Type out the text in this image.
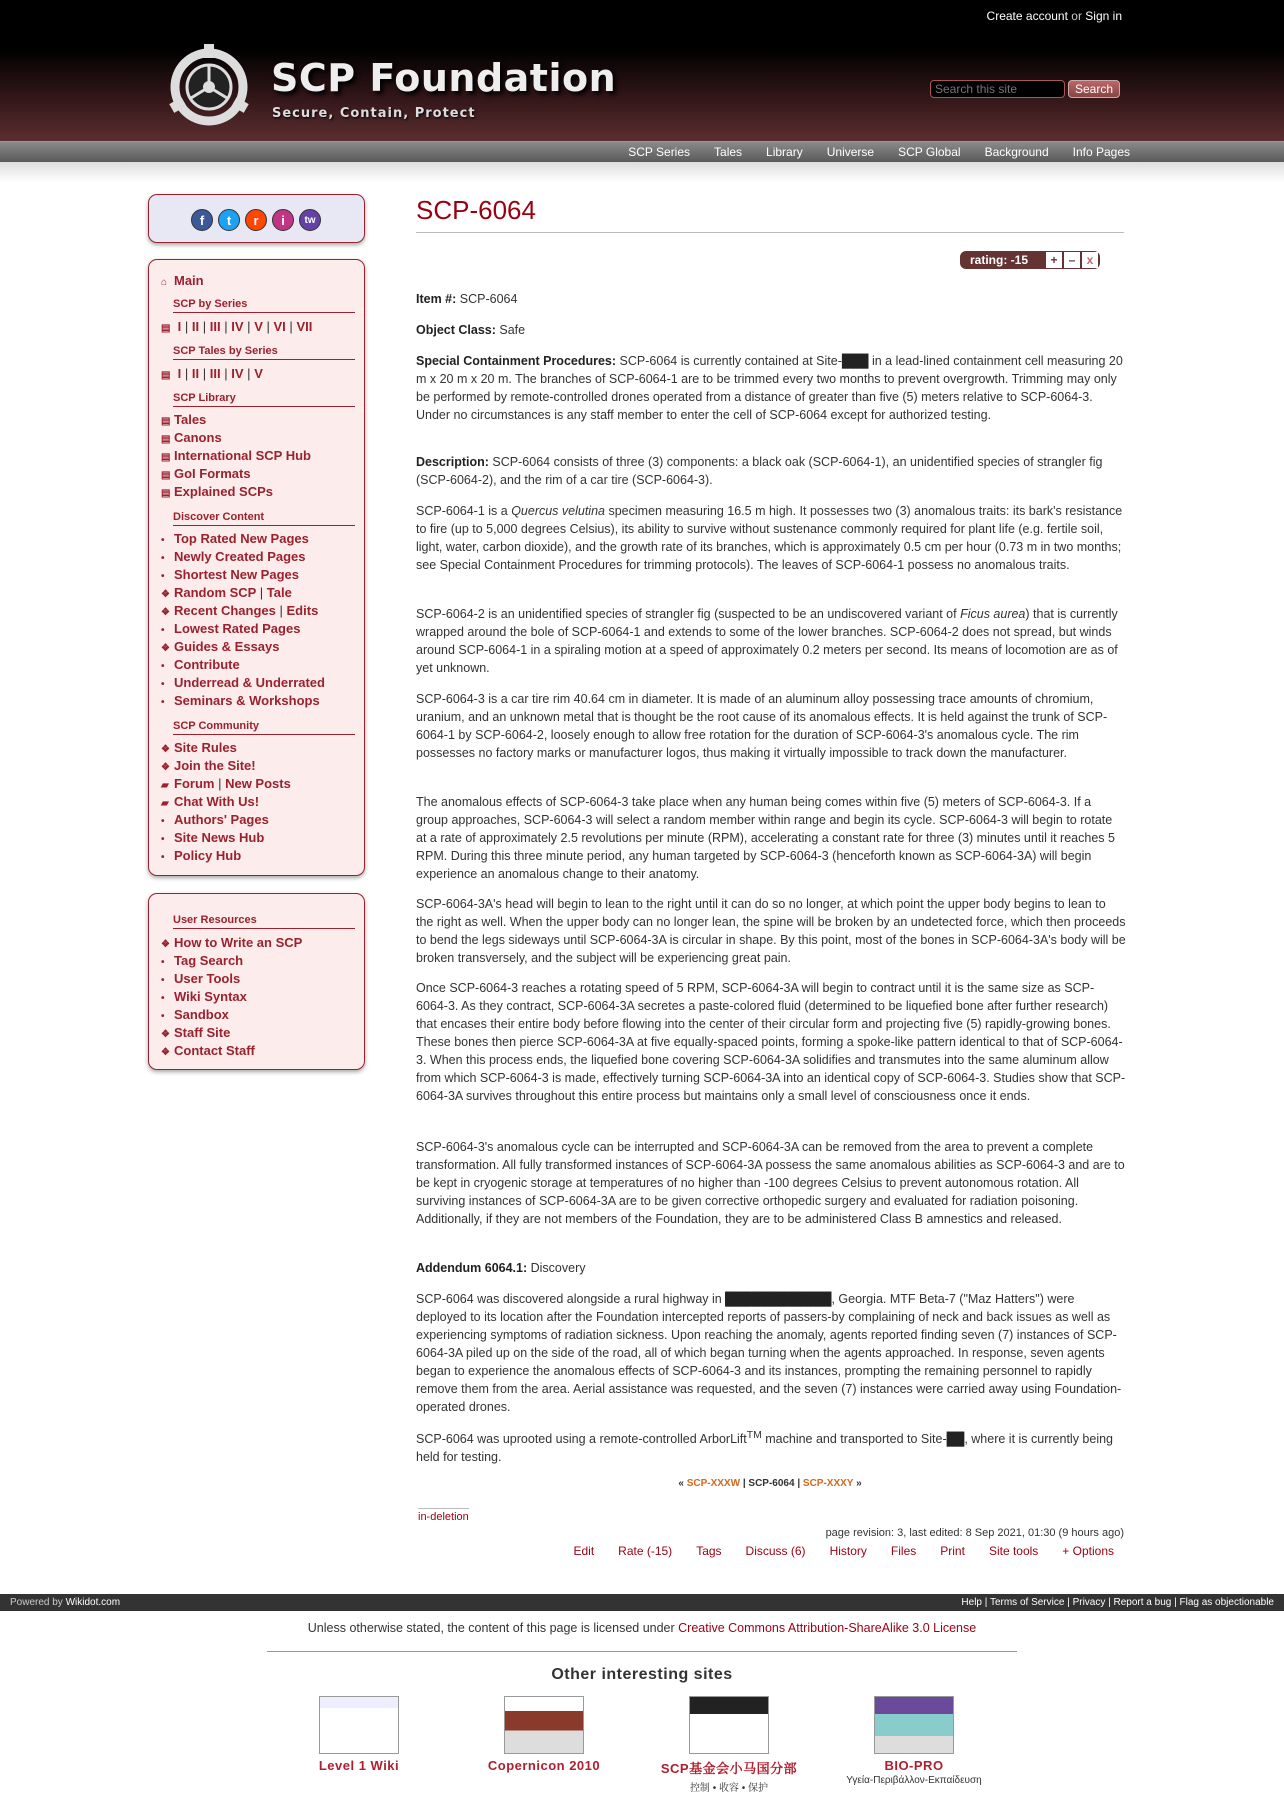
Create account or Sign in
SCP Foundation
Secure, Contain, Protect
Search this site
Search
SCP Series	Tales	Library	Universe	SCP Global	Background	Info Pages
f	t	r	i	tw
⌂ Main
SCP by Series
▤ I | II | III | IV | V | VI | VII
SCP Tales by Series
▤ I | II | III | IV | V
SCP Library
▤ Tales
▤ Canons
▤ International SCP Hub
▤ GoI Formats
▤ Explained SCPs
Discover Content
• Top Rated New Pages
• Newly Created Pages
• Shortest New Pages
❖ Random SCP | Tale
❖ Recent Changes | Edits
• Lowest Rated Pages
❖ Guides & Essays
• Contribute
• Underread & Underrated
• Seminars & Workshops
SCP Community
❖ Site Rules
❖ Join the Site!
▰ Forum | New Posts
▰ Chat With Us!
• Authors' Pages
• Site News Hub
• Policy Hub
User Resources
❖ How to Write an SCP
• Tag Search
• User Tools
• Wiki Syntax
• Sandbox
❖ Staff Site
❖ Contact Staff
SCP-6064
rating: -15	+ – x
Item #: SCP-6064
Object Class: Safe
Special Containment Procedures: SCP-6064 is currently contained at Site-███ in a lead-lined containment cell measuring 20 m x 20 m x 20 m. The branches of SCP-6064-1 are to be trimmed every two months to prevent overgrowth. Trimming may only be performed by remote-controlled drones operated from a distance of greater than five (5) meters relative to SCP-6064-3. Under no circumstances is any staff member to enter the cell of SCP-6064 except for authorized testing.
Description: SCP-6064 consists of three (3) components: a black oak (SCP-6064-1), an unidentified species of strangler fig (SCP-6064-2), and the rim of a car tire (SCP-6064-3).
SCP-6064-1 is a Quercus velutina specimen measuring 16.5 m high. It possesses two (3) anomalous traits: its bark's resistance to fire (up to 5,000 degrees Celsius), its ability to survive without sustenance commonly required for plant life (e.g. fertile soil, light, water, carbon dioxide), and the growth rate of its branches, which is approximately 0.5 cm per hour (0.73 m in two months; see Special Containment Procedures for trimming protocols). The leaves of SCP-6064-1 possess no anomalous traits.
SCP-6064-2 is an unidentified species of strangler fig (suspected to be an undiscovered variant of Ficus aurea) that is currently wrapped around the bole of SCP-6064-1 and extends to some of the lower branches. SCP-6064-2 does not spread, but winds around SCP-6064-1 in a spiraling motion at a speed of approximately 0.2 meters per second. Its means of locomotion are as of yet unknown.
SCP-6064-3 is a car tire rim 40.64 cm in diameter. It is made of an aluminum alloy possessing trace amounts of chromium, uranium, and an unknown metal that is thought be the root cause of its anomalous effects. It is held against the trunk of SCP-6064-1 by SCP-6064-2, loosely enough to allow free rotation for the duration of SCP-6064-3's anomalous cycle. The rim possesses no factory marks or manufacturer logos, thus making it virtually impossible to track down the manufacturer.
The anomalous effects of SCP-6064-3 take place when any human being comes within five (5) meters of SCP-6064-3. If a group approaches, SCP-6064-3 will select a random member within range and begin its cycle. SCP-6064-3 will begin to rotate at a rate of approximately 2.5 revolutions per minute (RPM), accelerating a constant rate for three (3) minutes until it reaches 5 RPM. During this three minute period, any human targeted by SCP-6064-3 (henceforth known as SCP-6064-3A) will begin experience an anomalous change to their anatomy.
SCP-6064-3A's head will begin to lean to the right until it can do so no longer, at which point the upper body begins to lean to the right as well. When the upper body can no longer lean, the spine will be broken by an undetected force, which then proceeds to bend the legs sideways until SCP-6064-3A is circular in shape. By this point, most of the bones in SCP-6064-3A's body will be broken transversely, and the subject will be experiencing great pain.
Once SCP-6064-3 reaches a rotating speed of 5 RPM, SCP-6064-3A will begin to contract until it is the same size as SCP-6064-3. As they contract, SCP-6064-3A secretes a paste-colored fluid (determined to be liquefied bone after further research) that encases their entire body before flowing into the center of their circular form and projecting five (5) rapidly-growing bones. These bones then pierce SCP-6064-3A at five equally-spaced points, forming a spoke-like pattern identical to that of SCP-6064-3. When this process ends, the liquefied bone covering SCP-6064-3A solidifies and transmutes into the same aluminum allow from which SCP-6064-3 is made, effectively turning SCP-6064-3A into an identical copy of SCP-6064-3. Studies show that SCP-6064-3A survives throughout this entire process but maintains only a small level of consciousness once it ends.
SCP-6064-3's anomalous cycle can be interrupted and SCP-6064-3A can be removed from the area to prevent a complete transformation. All fully transformed instances of SCP-6064-3A possess the same anomalous abilities as SCP-6064-3 and are to be kept in cryogenic storage at temperatures of no higher than -100 degrees Celsius to prevent autonomous rotation. All surviving instances of SCP-6064-3A are to be given corrective orthopedic surgery and evaluated for radiation poisoning. Additionally, if they are not members of the Foundation, they are to be administered Class B amnestics and released.
Addendum 6064.1: Discovery
SCP-6064 was discovered alongside a rural highway in ████████████, Georgia. MTF Beta-7 ("Maz Hatters") were deployed to its location after the Foundation intercepted reports of passers-by complaining of neck and back issues as well as experiencing symptoms of radiation sickness. Upon reaching the anomaly, agents reported finding seven (7) instances of SCP-6064-3A piled up on the side of the road, all of which began turning when the agents approached. In response, seven agents began to experience the anomalous effects of SCP-6064-3 and its instances, prompting the remaining personnel to rapidly remove them from the area. Aerial assistance was requested, and the seven (7) instances were carried away using Foundation-operated drones.
SCP-6064 was uprooted using a remote-controlled ArborLift™ machine and transported to Site-██, where it is currently being held for testing.
« SCP-XXXW | SCP-6064 | SCP-XXXY »
in-deletion
page revision: 3, last edited: 8 Sep 2021, 01:30 (9 hours ago)
Edit Rate (-15) Tags Discuss (6) History Files Print Site tools + Options
Powered by Wikidot.com	Help | Terms of Service | Privacy | Report a bug | Flag as objectionable
Unless otherwise stated, the content of this page is licensed under Creative Commons Attribution-ShareAlike 3.0 License
Other interesting sites
Level 1 Wiki	Copernicon 2010	SCP基金会小马国分部
控制 • 收容 • 保护
BIO-PRO
Υγεία-Περιβάλλον-Εκπαίδευση
